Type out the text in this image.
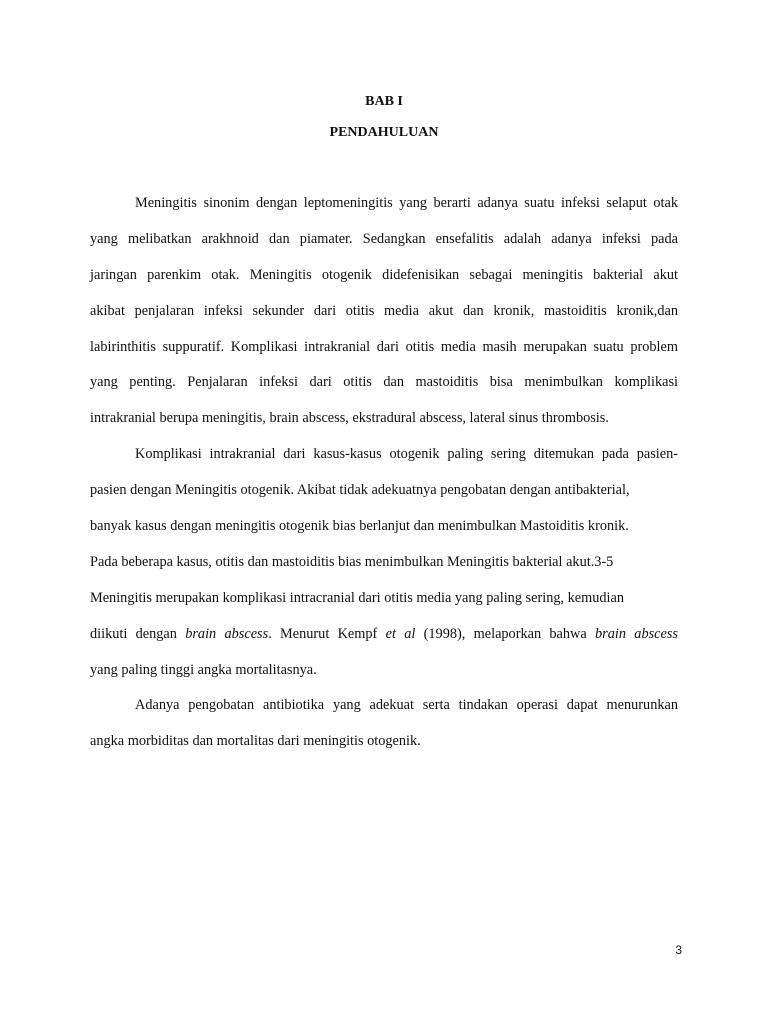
BAB I

PENDAHULUAN

Meningitis sinonim dengan leptomeningitis yang berarti adanya suatu infeksi selaput otak
yang melibatkan arakhnoid dan piamater. Sedangkan ensefalitis adalah adanya infeksi pada
jaringan parenkim otak. Meningitis otogenik didefenisikan sebagai meningitis bakterial akut
akibat penjalaran infeksi sekunder dari otitis media akut dan kronik, mastoiditis kronik,dan
labirinthitis suppuratif. Komplikasi intrakranial dari otitis media masih merupakan suatu problem
yang penting. Penjalaran infeksi dari otitis dan mastoiditis bisa menimbulkan komplikasi
intrakranial berupa meningitis, brain abscess, ekstradural abscess, lateral sinus thrombosis.
Komplikasi intrakranial dari kasus-kasus otogenik paling sering ditemukan pada pasien-
pasien dengan Meningitis otogenik. Akibat tidak adekuatnya pengobatan dengan antibakterial,
banyak kasus dengan meningitis otogenik bias berlanjut dan menimbulkan Mastoiditis kronik.
Pada beberapa kasus, otitis dan mastoiditis bias menimbulkan Meningitis bakterial akut.3-5
Meningitis merupakan komplikasi intracranial dari otitis media yang paling sering, kemudian
diikuti dengan brain abscess. Menurut Kempf et al (1998), melaporkan bahwa brain abscess
yang paling tinggi angka mortalitasnya.
Adanya pengobatan antibiotika yang adekuat serta tindakan operasi dapat menurunkan
angka morbiditas dan mortalitas dari meningitis otogenik.
3
